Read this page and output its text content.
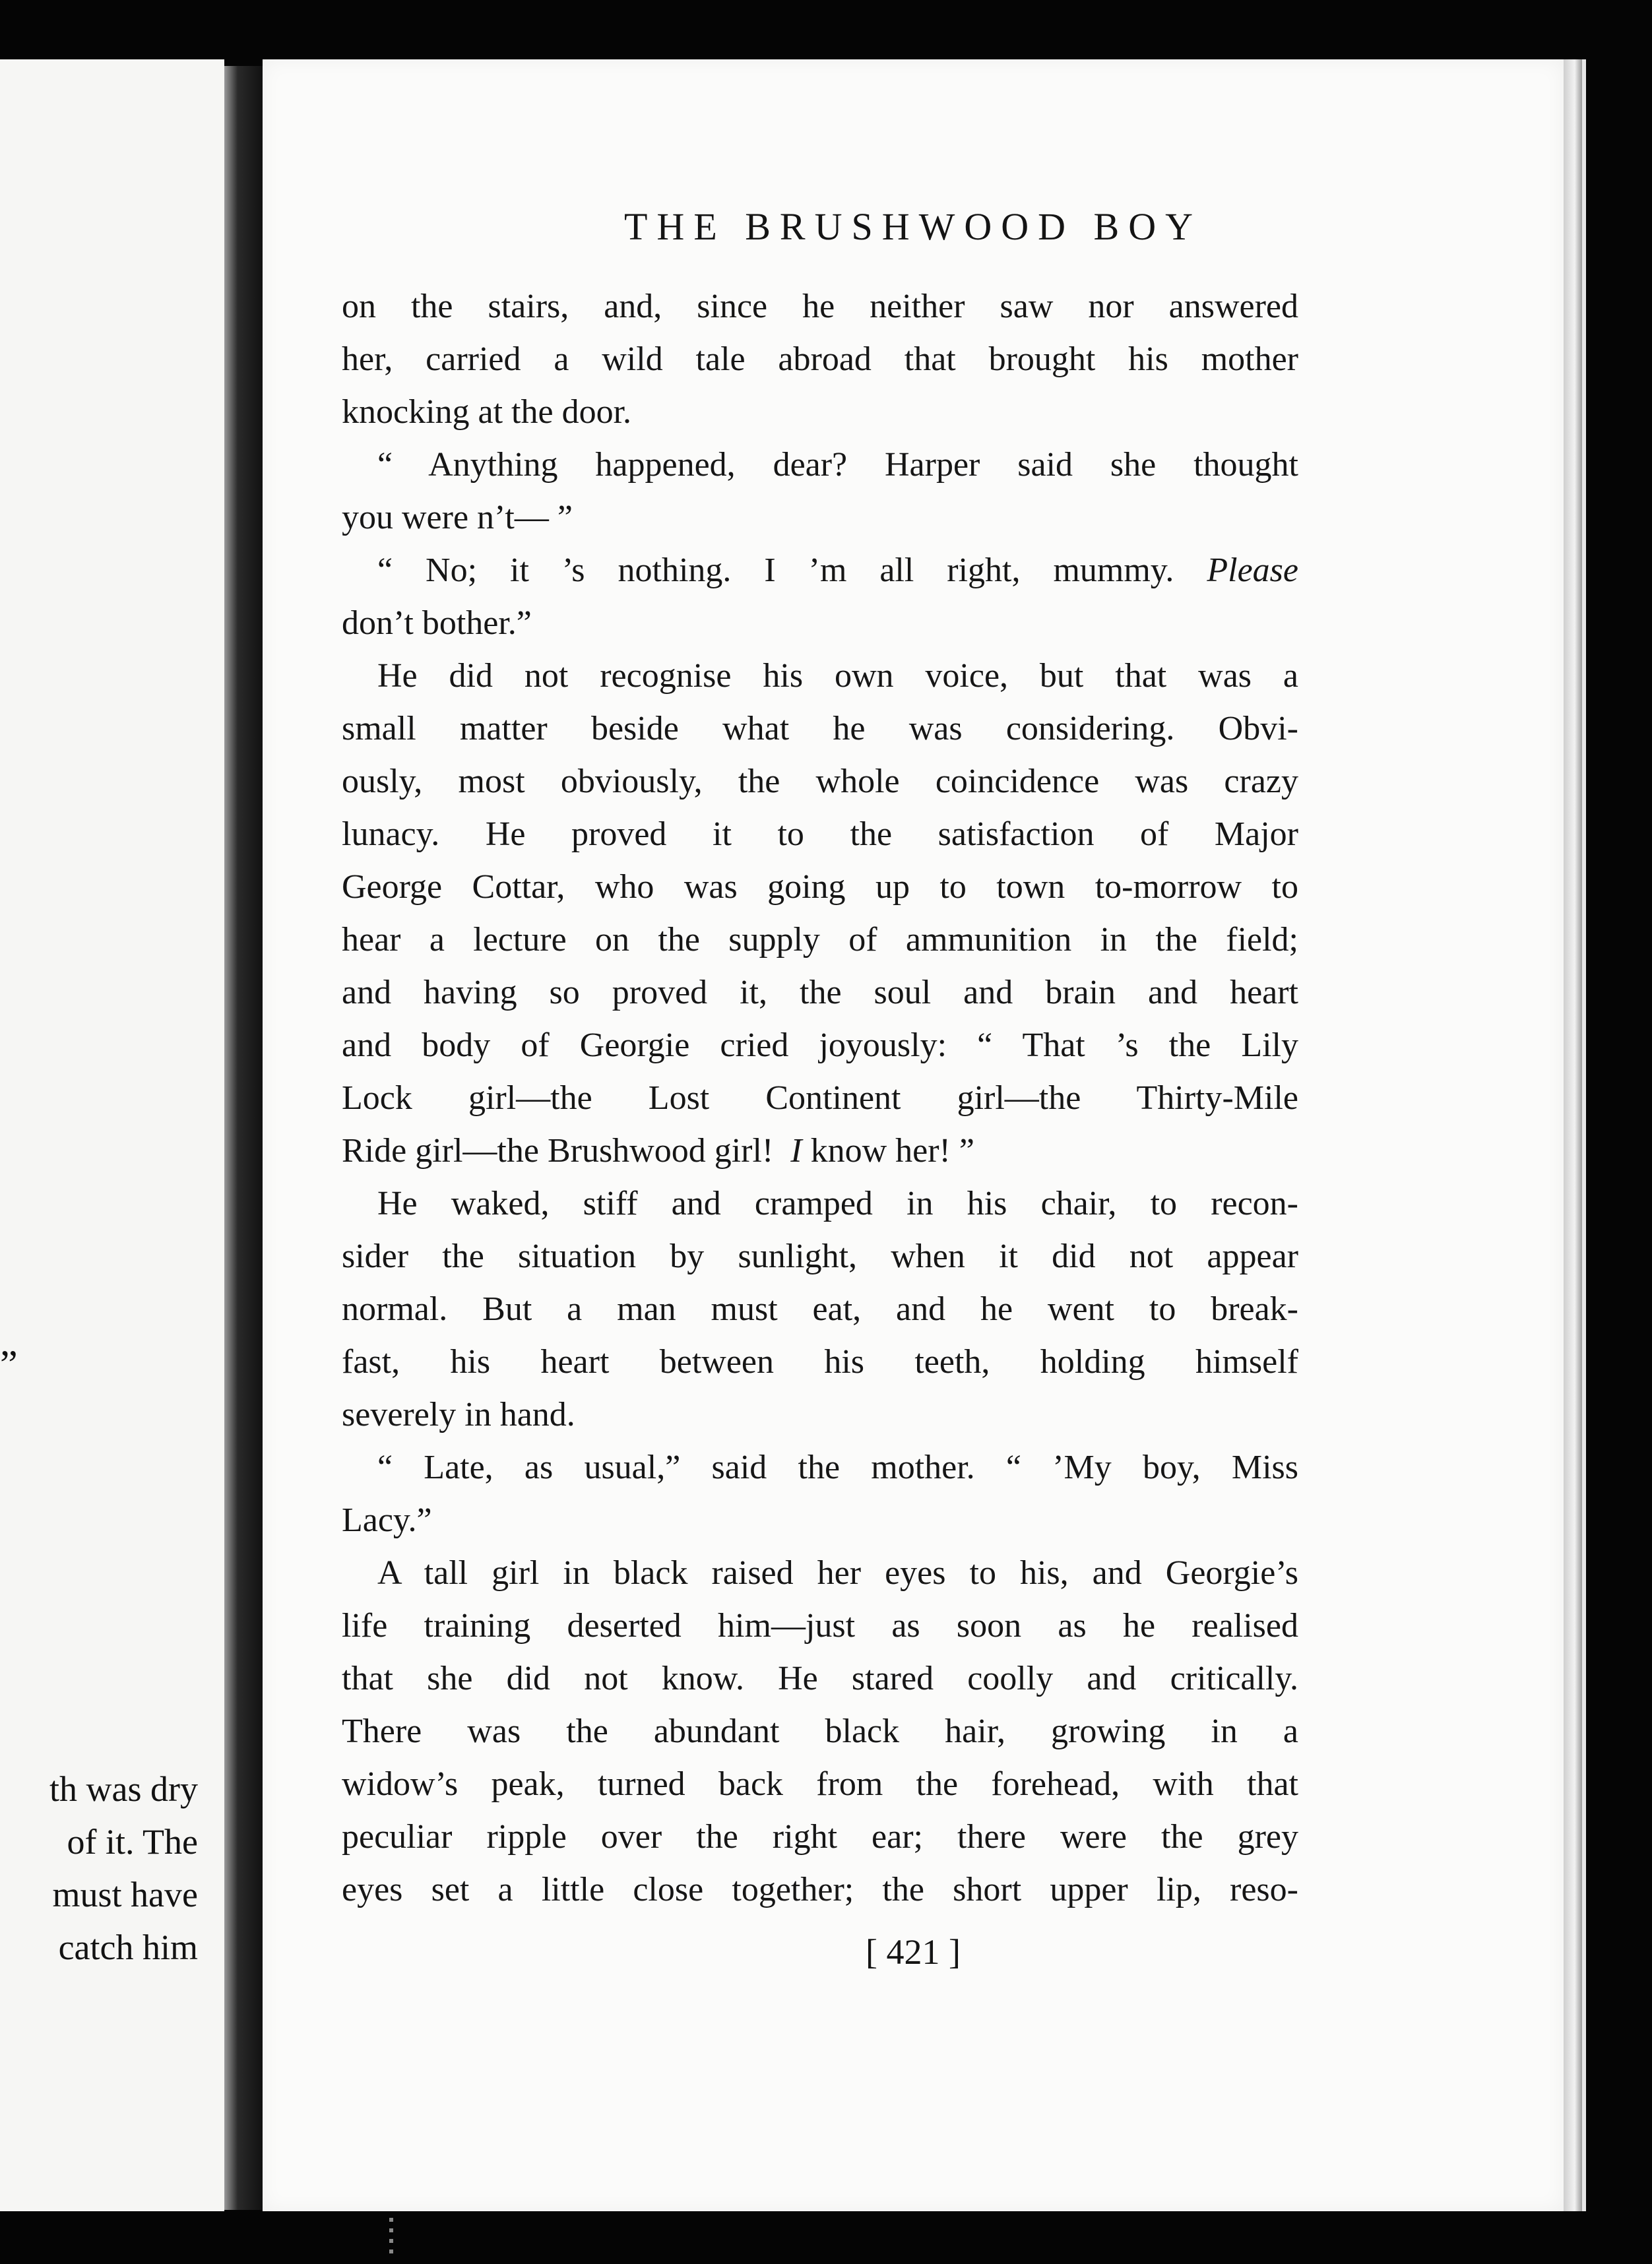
”
th was dry
of it. The
must have
catch him
THE BRUSHWOOD BOY
on the stairs, and, since he neither saw nor answered
her, carried a wild tale abroad that brought his mother
knocking at the door.
“ Anything happened, dear? Harper said she thought
you were n’t— ”
“ No; it ’s nothing. I ’m all right, mummy. Please
don’t bother.”
He did not recognise his own voice, but that was a
small matter beside what he was considering. Obvi-
ously, most obviously, the whole coincidence was crazy
lunacy. He proved it to the satisfaction of Major
George Cottar, who was going up to town to-morrow to
hear a lecture on the supply of ammunition in the field;
and having so proved it, the soul and brain and heart
and body of Georgie cried joyously: “ That ’s the Lily
Lock girl—the Lost Continent girl—the Thirty-Mile
Ride girl—the Brushwood girl! I know her! ”
He waked, stiff and cramped in his chair, to recon-
sider the situation by sunlight, when it did not appear
normal. But a man must eat, and he went to break-
fast, his heart between his teeth, holding himself
severely in hand.
“ Late, as usual,” said the mother. “ ’My boy, Miss
Lacy.”
A tall girl in black raised her eyes to his, and Georgie’s
life training deserted him—just as soon as he realised
that she did not know. He stared coolly and critically.
There was the abundant black hair, growing in a
widow’s peak, turned back from the forehead, with that
peculiar ripple over the right ear; there were the grey
eyes set a little close together; the short upper lip, reso-
[ 421 ]
